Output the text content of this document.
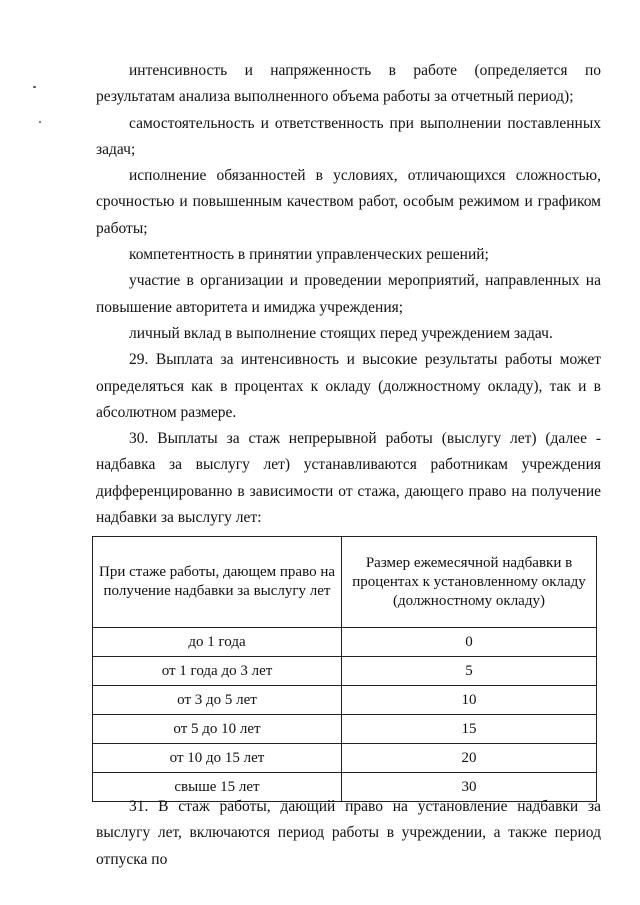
интенсивность и напряженность в работе (определяется по результатам анализа выполненного объема работы за отчетный период);

самостоятельность и ответственность при выполнении поставленных задач;

исполнение обязанностей в условиях, отличающихся сложностью, срочностью и повышенным качеством работ, особым режимом и графиком работы;

компетентность в принятии управленческих решений;

участие в организации и проведении мероприятий, направленных на повышение авторитета и имиджа учреждения;

личный вклад в выполнение стоящих перед учреждением задач.

29. Выплата за интенсивность и высокие результаты работы может определяться как в процентах к окладу (должностному окладу), так и в абсолютном размере.

30. Выплаты за стаж непрерывной работы (выслугу лет) (далее - надбавка за выслугу лет) устанавливаются работникам учреждения дифференцированно в зависимости от стажа, дающего право на получение надбавки за выслугу лет:

При стаже работы, дающем право на получение надбавки за выслугу лет	Размер ежемесячной надбавки в процентах к установленному окладу (должностному окладу)
до 1 года	0
от 1 года до 3 лет	5
от 3 до 5 лет	10
от 5 до 10 лет	15
от 10 до 15 лет	20
свыше 15 лет	30

31. В стаж работы, дающий право на установление надбавки за выслугу лет, включаются период работы в учреждении, а также период отпуска по
